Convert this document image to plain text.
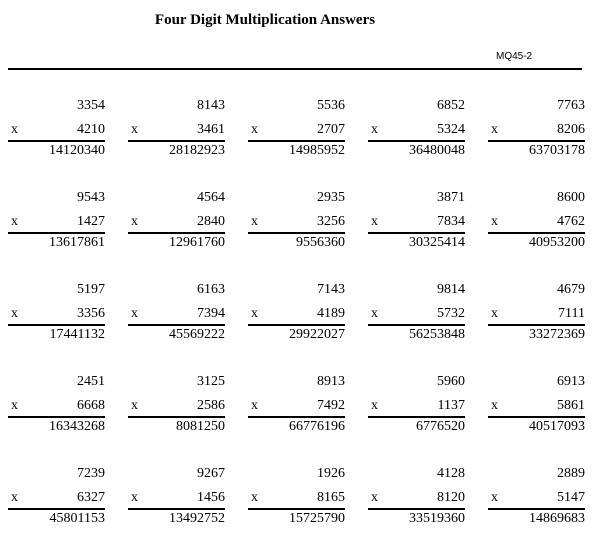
Four Digit Multiplication Answers
MQ45-2
3354
x	4210
14120340
8143
x	3461
28182923
5536
x	2707
14985952
6852
x	5324
36480048
7763
x	8206
63703178
9543
x	1427
13617861
4564
x	2840
12961760
2935
x	3256
9556360
3871
x	7834
30325414
8600
x	4762
40953200
5197
x	3356
17441132
6163
x	7394
45569222
7143
x	4189
29922027
9814
x	5732
56253848
4679
x	7111
33272369
2451
x	6668
16343268
3125
x	2586
8081250
8913
x	7492
66776196
5960
x	1137
6776520
6913
x	5861
40517093
7239
x	6327
45801153
9267
x	1456
13492752
1926
x	8165
15725790
4128
x	8120
33519360
2889
x	5147
14869683
